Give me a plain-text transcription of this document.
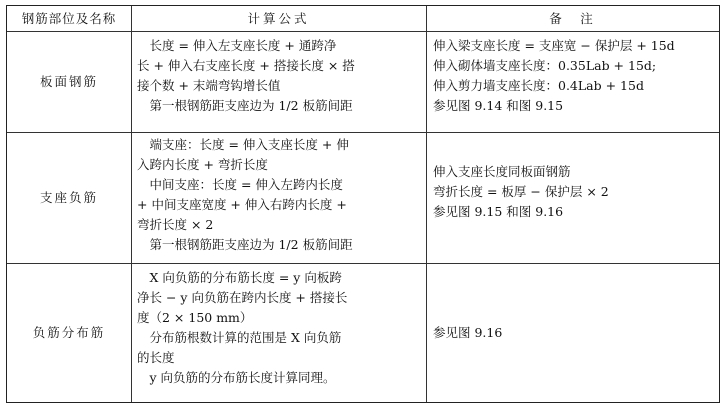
钢筋部位及名称	计算公式	备　注
板面钢筋
　长度 = 伸入左支座长度 + 通跨净
长 + 伸入右支座长度 + 搭接长度 × 搭
接个数 + 末端弯钩增长值
　第一根钢筋距支座边为 1/2 板筋间距
伸入梁支座长度 = 支座宽 − 保护层 + 15d
伸入砌体墙支座长度：0.35Lab + 15d;
伸入剪力墙支座长度：0.4Lab + 15d
参见图 9.14 和图 9.15
支座负筋
　端支座：长度 = 伸入支座长度 + 伸
入跨内长度 + 弯折长度
　中间支座：长度 = 伸入左跨内长度
+ 中间支座宽度 + 伸入右跨内长度 +
弯折长度 × 2
　第一根钢筋距支座边为 1/2 板筋间距
伸入支座长度同板面钢筋
弯折长度 = 板厚 − 保护层 × 2
参见图 9.15 和图 9.16
负筋分布筋
　X 向负筋的分布筋长度 = y 向板跨
净长 − y 向负筋在跨内长度 + 搭接长
度（2 × 150 mm）
　分布筋根数计算的范围是 X 向负筋
的长度
　y 向负筋的分布筋长度计算同理。
参见图 9.16
